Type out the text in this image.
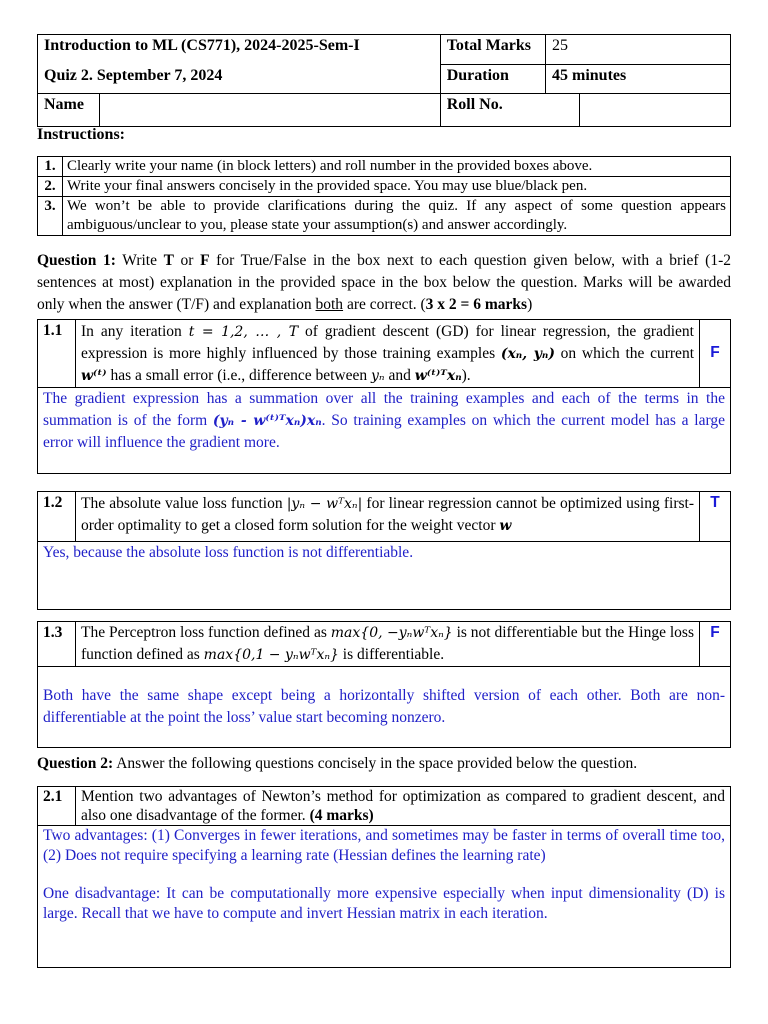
Introduction to ML (CS771), 2024-2025-Sem-I	Total Marks	25	
Quiz 2. September 7, 2024	Duration	45 minutes	

Name	Roll No.		
Instructions:
1.	Clearly write your name (in block letters) and roll number in the provided boxes above.
2.	Write your final answers concisely in the provided space. You may use blue/black pen.
3.	We won’t be able to provide clarifications during the quiz. If any aspect of some question appears ambiguous/unclear to you, please state your assumption(s) and answer accordingly.
Question 1: Write T or F for True/False in the box next to each question given below, with a brief (1-2 sentences at most) explanation in the provided space in the box below the question. Marks will be awarded only when the answer (T/F) and explanation both are correct. (3 x 2 = 6 marks)
1.1	In any iteration t = 1,2, … , T of gradient descent (GD) for linear regression, the gradient expression is more highly influenced by those training examples (xₙ, yₙ) on which the current w⁽ᵗ⁾ has a small error (i.e., difference between yₙ and w⁽ᵗ⁾ᵀxₙ).	F
The gradient expression has a summation over all the training examples and each of the terms in the summation is of the form (yₙ - w⁽ᵗ⁾ᵀxₙ)xₙ. So training examples on which the current model has a large error will influence the gradient more.
1.2	The absolute value loss function |yₙ − wᵀxₙ| for linear regression cannot be optimized using first-order optimality to get a closed form solution for the weight vector w	T
Yes, because the absolute loss function is not differentiable.
1.3	The Perceptron loss function defined as max{0, −yₙwᵀxₙ} is not differentiable but the Hinge loss function defined as max{0,1 − yₙwᵀxₙ} is differentiable.	F
Both have the same shape except being a horizontally shifted version of each other. Both are non-differentiable at the point the loss’ value start becoming nonzero.
Question 2: Answer the following questions concisely in the space provided below the question.
2.1	Mention two advantages of Newton’s method for optimization as compared to gradient descent, and also one disadvantage of the former. (4 marks)

Two advantages: (1) Converges in fewer iterations, and sometimes may be faster in terms of overall time too, (2) Does not require specifying a learning rate (Hessian defines the learning rate)
One disadvantage: It can be computationally more expensive especially when input dimensionality (D) is large. Recall that we have to compute and invert Hessian matrix in each iteration.
